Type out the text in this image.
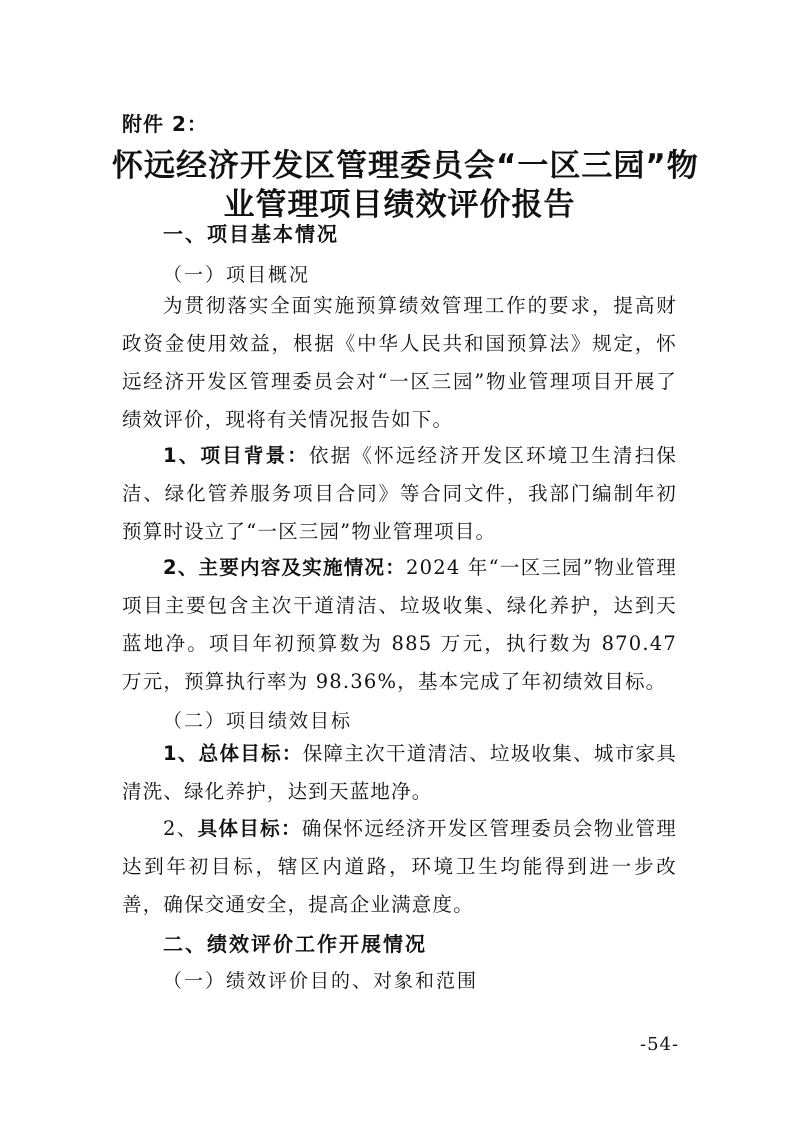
附件 2：
怀远经济开发区管理委员会“一区三园”物
业管理项目绩效评价报告
一、项目基本情况
（一）项目概况
为贯彻落实全面实施预算绩效管理工作的要求，提高财政资金使用效益，根据《中华人民共和国预算法》规定，怀远经济开发区管理委员会对“一区三园”物业管理项目开展了绩效评价，现将有关情况报告如下。
1、项目背景：依据《怀远经济开发区环境卫生清扫保洁、绿化管养服务项目合同》等合同文件，我部门编制年初预算时设立了“一区三园”物业管理项目。
2、主要内容及实施情况：2024 年“一区三园”物业管理项目主要包含主次干道清洁、垃圾收集、绿化养护，达到天蓝地净。项目年初预算数为 885 万元，执行数为 870.47 万元，预算执行率为 98.36%，基本完成了年初绩效目标。
（二）项目绩效目标
1、总体目标：保障主次干道清洁、垃圾收集、城市家具清洗、绿化养护，达到天蓝地净。
2、具体目标：确保怀远经济开发区管理委员会物业管理达到年初目标，辖区内道路，环境卫生均能得到进一步改善，确保交通安全，提高企业满意度。
二、绩效评价工作开展情况
（一）绩效评价目的、对象和范围
-54-
